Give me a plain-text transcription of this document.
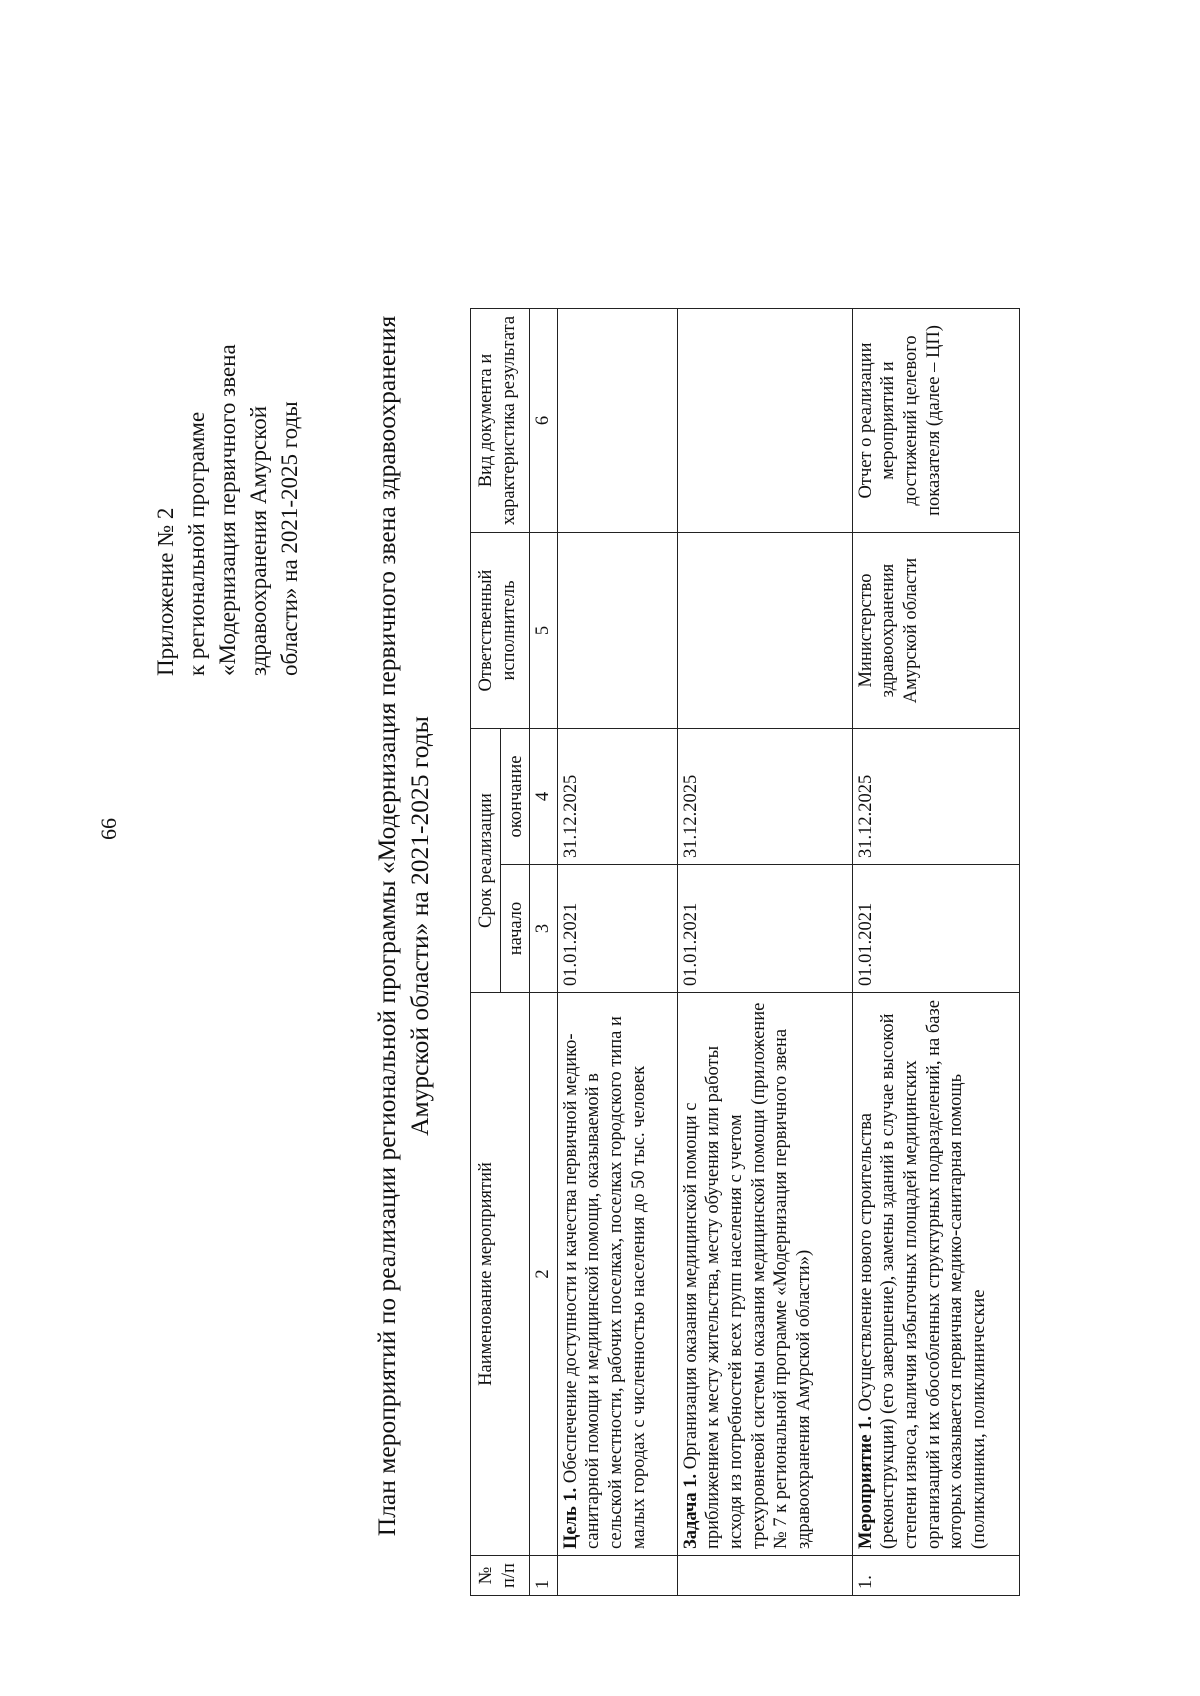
66
Приложение № 2 к региональной программе «Модернизация первичного звена здравоохранения Амурской области» на 2021-2025 годы	План мероприятий по реализации региональной программы «Модернизация первичного звена здравоохранения Амурской области» на 2021-2025 годы
№ п/п	Наименование мероприятий	Срок реализации		Ответственный исполнитель	Вид документа и характеристика результата
		начало	окончание		
1	2	3	4	5	6
	Цель 1. Обеспечение доступности и качества первичной медико-санитарной помощи и медицинской помощи, оказываемой в сельской местности, рабочих поселках, поселках городского типа и малых городах с численностью населения до 50 тыс. человек	01.01.2021	31.12.2025		
	Задача 1. Организация оказания медицинской помощи с приближением к месту жительства, месту обучения или работы исходя из потребностей всех групп населения с учетом трехуровневой системы оказания медицинской помощи (приложение № 7 к региональной программе «Модернизация первичного звена здравоохранения Амурской области»)	01.01.2021	31.12.2025		
1.	Мероприятие 1. Осуществление нового строительства (реконструкции) (его завершение), замены зданий в случае высокой степени износа, наличия избыточных площадей медицинских организаций и их обособленных структурных подразделений, на базе которых оказывается первичная медико-санитарная помощь (поликлиники, поликлинические	01.01.2021	31.12.2025	Министерство здравоохранения Амурской области	Отчет о реализации мероприятий и достижений целевого показателя (далее – ЦП)
